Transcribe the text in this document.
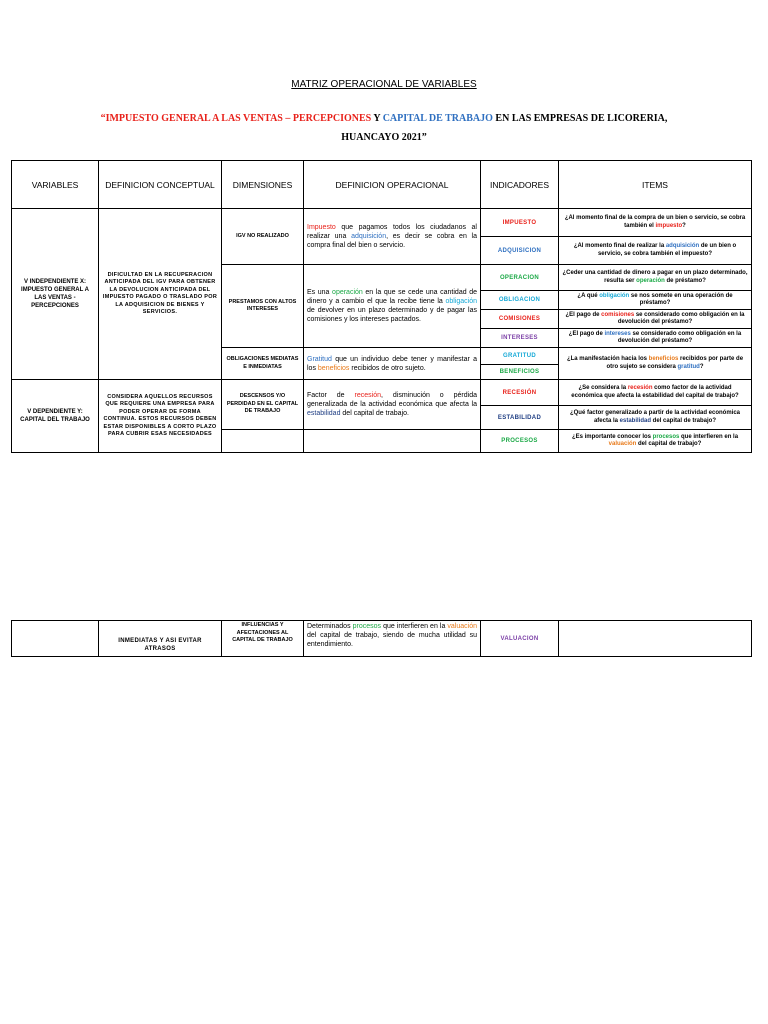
MATRIZ OPERACIONAL DE VARIABLES
“IMPUESTO GENERAL A LAS VENTAS – PERCEPCIONES Y CAPITAL DE TRABAJO EN LAS EMPRESAS DE LICORERIA,
HUANCAYO 2021”
VARIABLES	DEFINICION CONCEPTUAL	DIMENSIONES	DEFINICION OPERACIONAL	INDICADORES	ITEMS
V INDEPENDIENTE X: IMPUESTO GENERAL A LAS VENTAS - PERCEPCIONES	DIFICULTAD EN LA RECUPERACION ANTICIPADA DEL IGV PARA OBTENER LA DEVOLUCION ANTICIPADA DEL IMPUESTO PAGADO O TRASLADO POR LA ADQUISICION DE BIENES Y SERVICIOS.	IGV NO REALIZADO	Impuesto que pagamos todos los ciudadanos al realizar una adquisición, es decir se cobra en la compra final del bien o servicio.	IMPUESTO	¿Al momento final de la compra de un bien o servicio, se cobra también el impuesto?
				ADQUISICION	¿Al momento final de realizar la adquisición de un bien o servicio, se cobra también el impuesto?
		PRESTAMOS CON ALTOS INTERESES	Es una operación en la que se cede una cantidad de dinero y a cambio el que la recibe tiene la obligación de devolver en un plazo determinado y de pagar las comisiones y los intereses pactados.	OPERACION	¿Ceder una cantidad de dinero a pagar en un plazo determinado, resulta ser operación de préstamo?
				OBLIGACION	¿A qué obligación se nos somete en una operación de préstamo?
				COMISIONES	¿El pago de comisiones se considerado como obligación en la devolución del préstamo?
				INTERESES	¿El pago de intereses se considerado como obligación en la devolución del préstamo?
		OBLIGACIONES MEDIATAS E INMEDIATAS	Gratitud que un individuo debe tener y manifestar a los beneficios recibidos de otro sujeto.	GRATITUD	¿La manifestación hacia los beneficios recibidos por parte de otro sujeto se considera gratitud?
				BENEFICIOS	
V DEPENDIENTE Y: CAPITAL DEL TRABAJO	CONSIDERA AQUELLOS RECURSOS QUE REQUIERE UNA EMPRESA PARA PODER OPERAR DE FORMA CONTINUA. ESTOS RECURSOS DEBEN ESTAR DISPONIBLES A CORTO PLAZO PARA CUBRIR ESAS NECESIDADES	DESCENSOS Y/O PERDIDAD EN EL CAPITAL DE TRABAJO	Factor de recesión, disminución o pérdida generalizada de la actividad económica que afecta la estabilidad del capital de trabajo.	RECESIÓN	¿Se considera la recesión como factor de la actividad económica que afecta la estabilidad del capital de trabajo?
				ESTABILIDAD	¿Qué factor generalizado a partir de la actividad económica afecta la estabilidad del capital de trabajo?
				PROCESOS	¿Es importante conocer los procesos que interfieren en la valuación del capital de trabajo?
	INMEDIATAS Y ASI EVITAR ATRASOS	INFLUENCIAS Y AFECTACIONES AL CAPITAL DE TRABAJO	Determinados procesos que interfieren en la valuación del capital de trabajo, siendo de mucha utilidad su entendimiento.	VALUACION	
